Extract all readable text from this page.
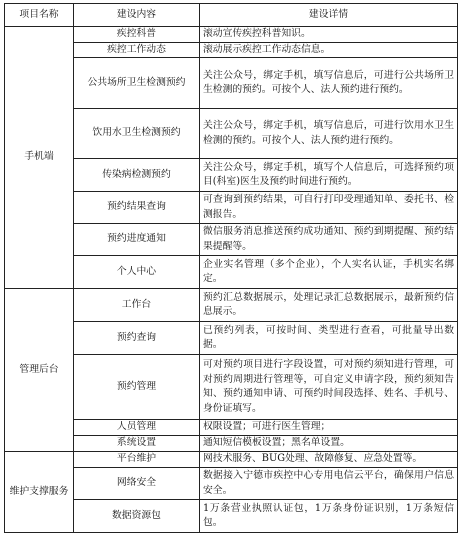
项目名称	建设内容	建设详情
手机端	疾控科普	滚动宣传疾控科普知识。
	疾控工作动态	滚动展示疾控工作动态信息。
	公共场所卫生检测预约	关注公众号，绑定手机，填写信息后，可进行公共场所卫生检测的预约。可按个人、法人预约进行预约。
	饮用水卫生检测预约	关注公众号，绑定手机，填写信息后，可进行饮用水卫生检测的预约。可按个人、法人预约进行预约。
	传染病检测预约	关注公众号，绑定手机，填写个人信息后，可选择预约项目(科室)医生及预约时间进行预约。
	预约结果查询	可查询到预约结果，可自行打印受理通知单、委托书、检测报告。
	预约进度通知	微信服务消息推送预约成功通知、预约到期提醒、预约结果提醒等。
	个人中心	企业实名管理（多个企业），个人实名认证，手机实名绑定。
管理后台	工作台	预约汇总数据展示，处理记录汇总数据展示，最新预约信息展示。
	预约查询	已预约列表，可按时间、类型进行查看，可批量导出数据。
	预约管理	可对预约项目进行字段设置，可对预约须知进行管理，可对预约周期进行管理等，可自定义申请字段，预约须知告知、预约通知申请、可预约时间段选择、姓名、手机号、身份证填写。
	人员管理	权限设置；可进行医生管理；
	系统设置	通知短信模板设置；黑名单设置。
维护支撑服务	平台维护	网技术服务、BUG处理、故障修复、应急处置等。
	网络安全	数据接入宁德市疾控中心专用电信云平台，确保用户信息安全。
	数据资源包	1万条营业执照认证包，1万条身份证识别，1万条短信包。
